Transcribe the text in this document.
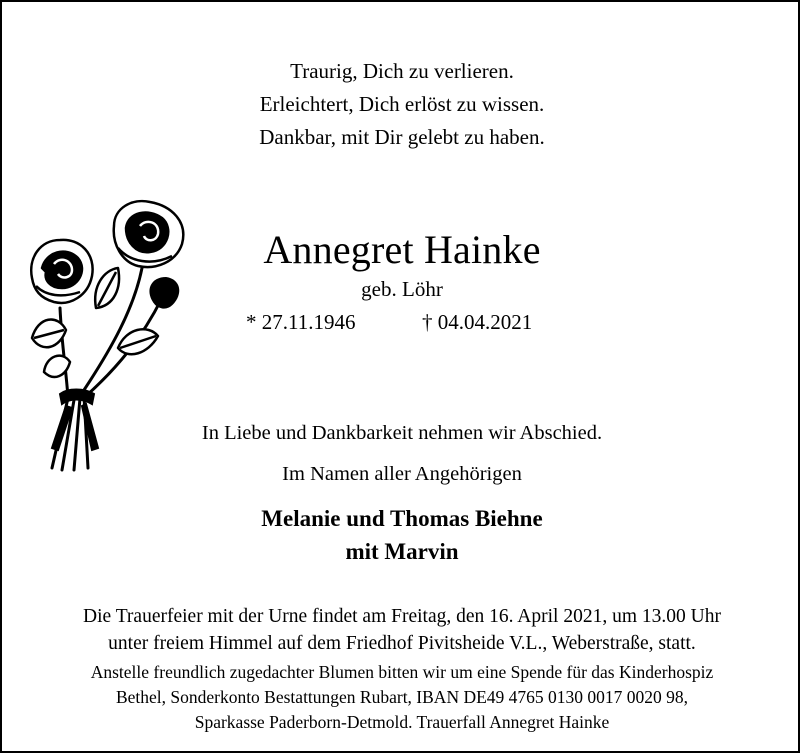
Traurig, Dich zu verlieren.
Erleichtert, Dich erlöst zu wissen.
Dankbar, mit Dir gelebt zu haben.
Annegret Hainke
geb. Löhr
* 27.11.1946	† 04.04.2021
In Liebe und Dankbarkeit nehmen wir Abschied.
Im Namen aller Angehörigen
Melanie und Thomas Biehne
mit Marvin
Die Trauerfeier mit der Urne findet am Freitag, den 16. April 2021, um 13.00 Uhr
unter freiem Himmel auf dem Friedhof Pivitsheide V.L., Weberstraße, statt.
Anstelle freundlich zugedachter Blumen bitten wir um eine Spende für das Kinderhospiz
Bethel, Sonderkonto Bestattungen Rubart, IBAN DE49 4765 0130 0017 0020 98,
Sparkasse Paderborn-Detmold. Trauerfall Annegret Hainke
